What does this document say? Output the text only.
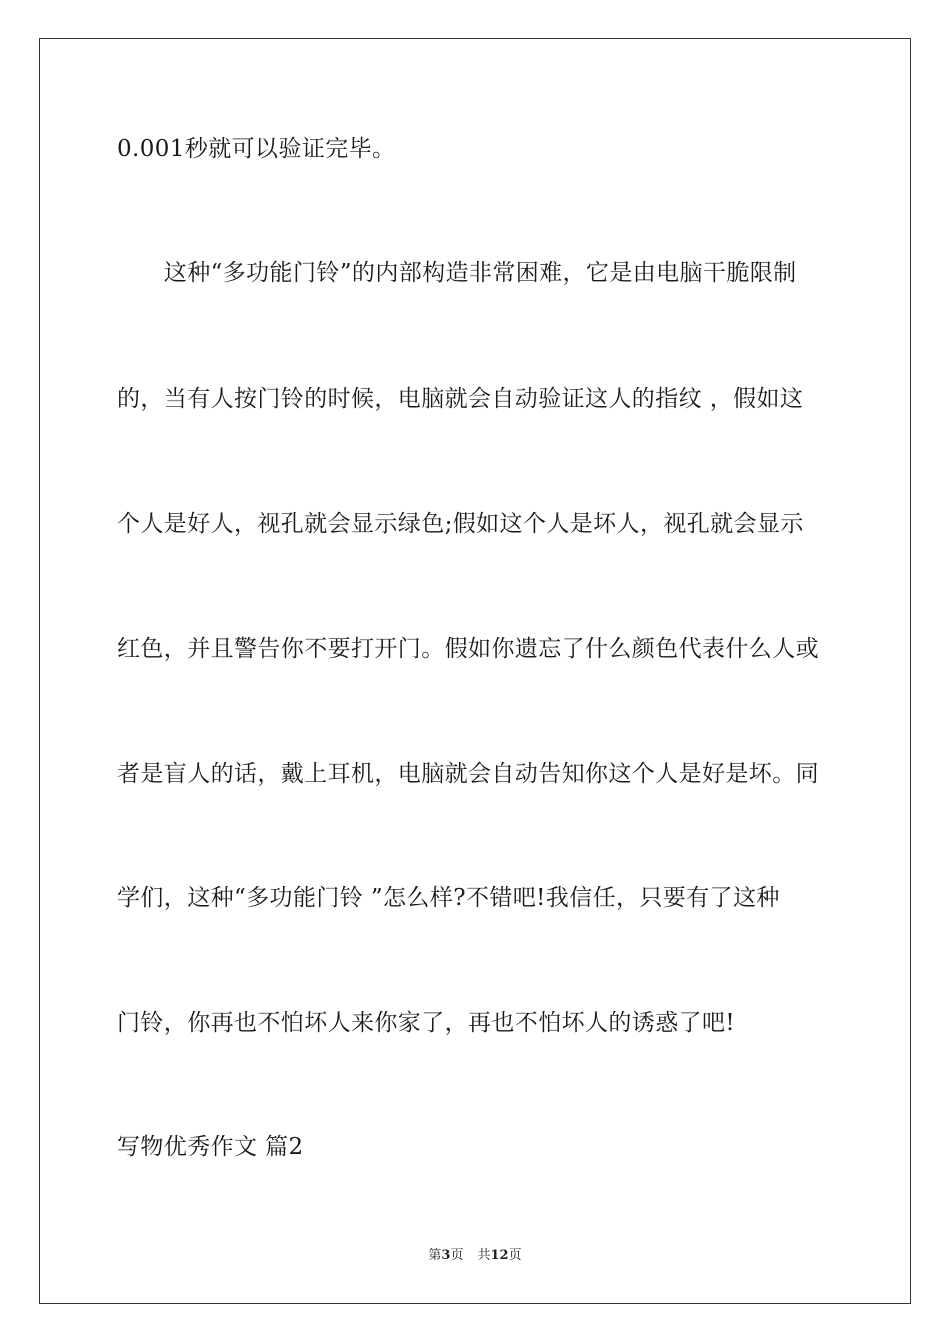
0.001秒就可以验证完毕。
　　这种“多功能门铃”的内部构造非常困难，它是由电脑干脆限制
的，当有人按门铃的时候，电脑就会自动验证这人的指纹 ，假如这
个人是好人，视孔就会显示绿色;假如这个人是坏人，视孔就会显示
红色，并且警告你不要打开门。假如你遗忘了什么颜色代表什么人或
者是盲人的话，戴上耳机，电脑就会自动告知你这个人是好是坏。同
学们，这种“多功能门铃 ”怎么样?不错吧!我信任，只要有了这种
门铃，你再也不怕坏人来你家了，再也不怕坏人的诱惑了吧!
写物优秀作文 篇2
第3页 共12页
